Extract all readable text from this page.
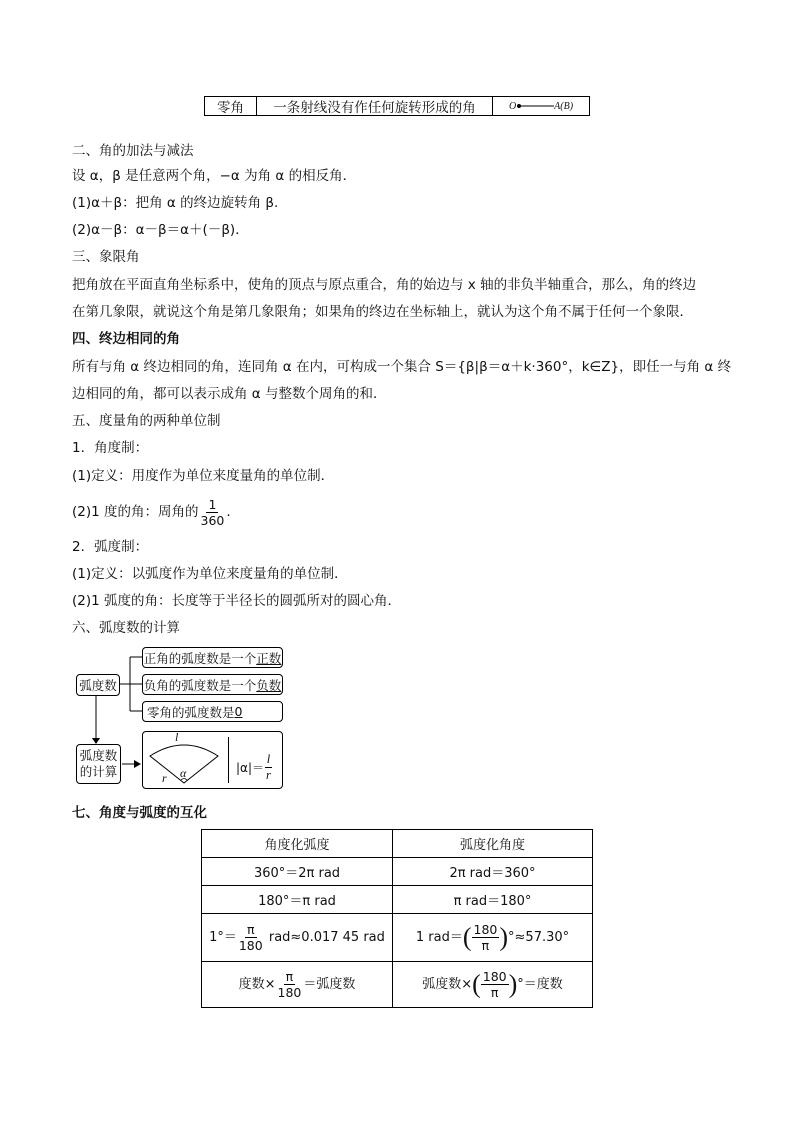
零角	一条射线没有作任何旋转形成的角	O	A(B)
二、角的加法与减法
设 α，β 是任意两个角，−α 为角 α 的相反角．
(1)α＋β：把角 α 的终边旋转角 β.
(2)α－β：α－β＝α＋(－β)．
三、象限角
把角放在平面直角坐标系中，使角的顶点与原点重合，角的始边与 x 轴的非负半轴重合，那么，角的终边
在第几象限，就说这个角是第几象限角；如果角的终边在坐标轴上，就认为这个角不属于任何一个象限．
四、终边相同的角
所有与角 α 终边相同的角，连同角 α 在内，可构成一个集合 S＝{β|β＝α＋k·360°，k∈Z}，即任一与角 α 终
边相同的角，都可以表示成角 α 与整数个周角的和．
五、度量角的两种单位制
1．角度制：
(1)定义：用度作为单位来度量角的单位制．
(2)1 度的角：周角的 $\frac{1}{360}$ .
2．弧度制：
(1)定义：以弧度作为单位来度量角的单位制．
(2)1 弧度的角：长度等于半径长的圆弧所对的圆心角．
六、弧度数的计算
弧度数
正角的弧度数是一个 正数
负角的弧度数是一个 负数
零角的弧度数是 0
弧度数
的计算
l
r α	$|\alpha|= \frac{l}{r}$
七、角度与弧度的互化
角度化弧度	弧度化角度
360°＝2π rad	2π rad＝360°
180°＝π rad	π rad＝180°
$1^\circ= \frac{\pi}{180} rad\approx 0.017$ 45 rad	1 $rad=( \frac{180}{\pi} )^\circ\approx 57.30^\circ$
度数× $\frac{\pi}{180}$ ＝弧度数	弧度数×( $\frac{180}{\pi}$ )°＝度数
